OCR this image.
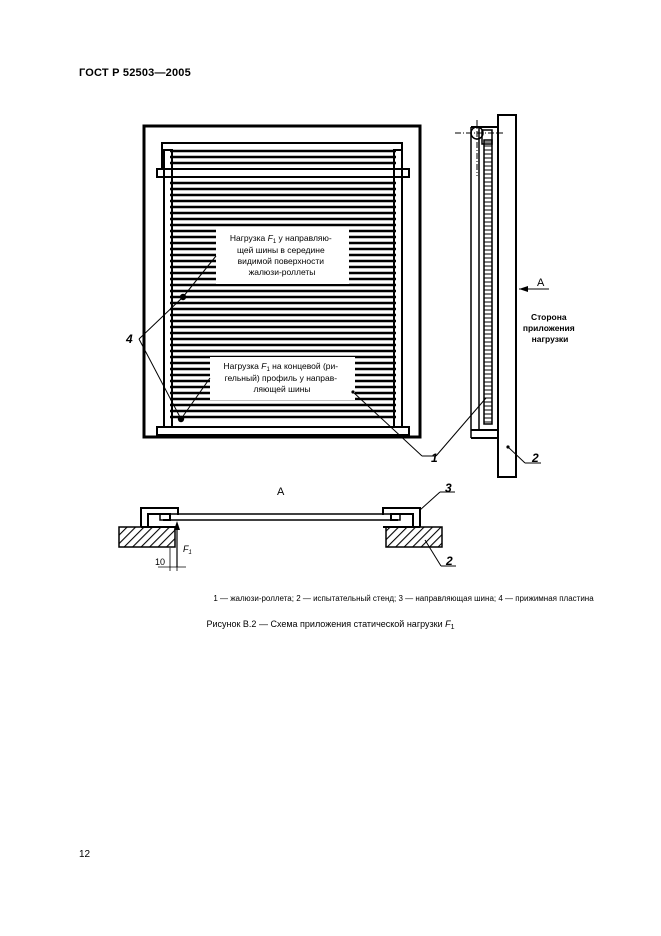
ГОСТ Р 52503—2005
Нагрузка $F_1$ у направляю- щей шины в середине видимой поверхности жалюзи-роллеты
Нагрузка $F_1$ на концевой (ри- гельный) профиль у направ- ляющей шины
4
А
Сторона приложения нагрузки
1	2
А
$F_1$
10
3
2
1 — жалюзи-роллета; 2 — испытательный стенд; 3 — направляющая шина; 4 — прижимная пластина
Рисунок В.2 — Схема приложения статической нагрузки $F_1$
12
